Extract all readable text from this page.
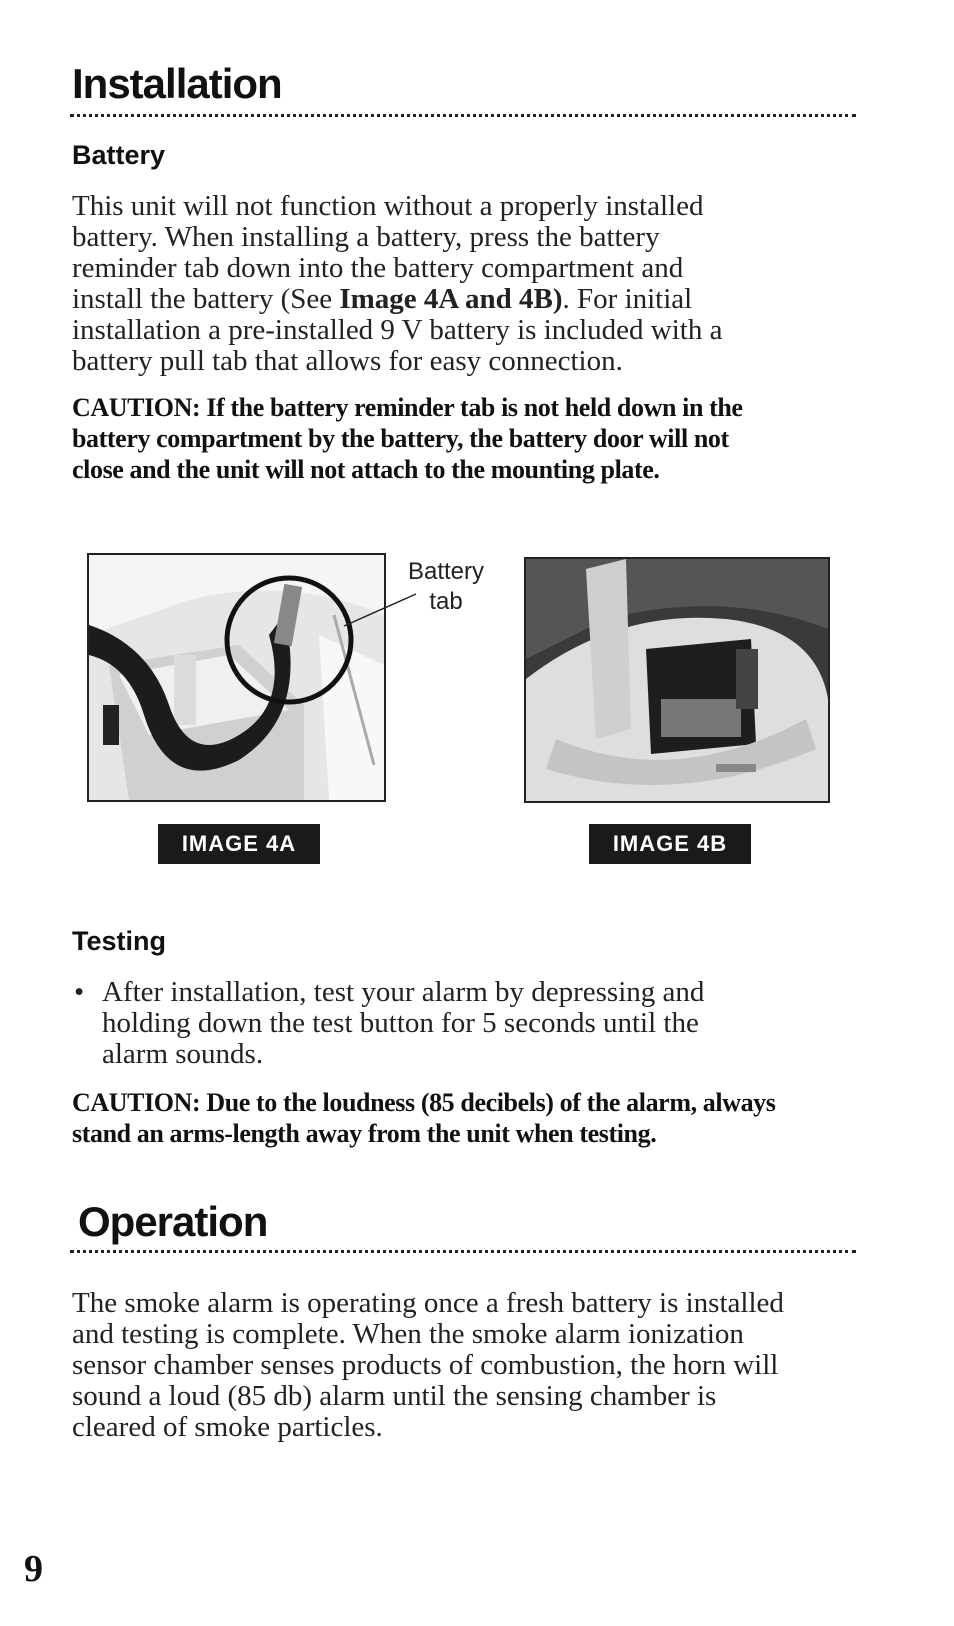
Installation
Battery
This unit will not function without a properly installed
battery. When installing a battery, press the battery
reminder tab down into the battery compartment and
install the battery (See Image 4A and 4B). For initial
installation a pre-installed 9 V battery is included with a
battery pull tab that allows for easy connection.
CAUTION: If the battery reminder tab is not held down in the
battery compartment by the battery, the battery door will not
close and the unit will not attach to the mounting plate.
Battery
tab
IMAGE 4A	IMAGE 4B
Testing
• After installation, test your alarm by depressing and
holding down the test button for 5 seconds until the
alarm sounds.
CAUTION: Due to the loudness (85 decibels) of the alarm, always
stand an arms-length away from the unit when testing.
Operation
The smoke alarm is operating once a fresh battery is installed
and testing is complete. When the smoke alarm ionization
sensor chamber senses products of combustion, the horn will
sound a loud (85 db) alarm until the sensing chamber is
cleared of smoke particles.
9
